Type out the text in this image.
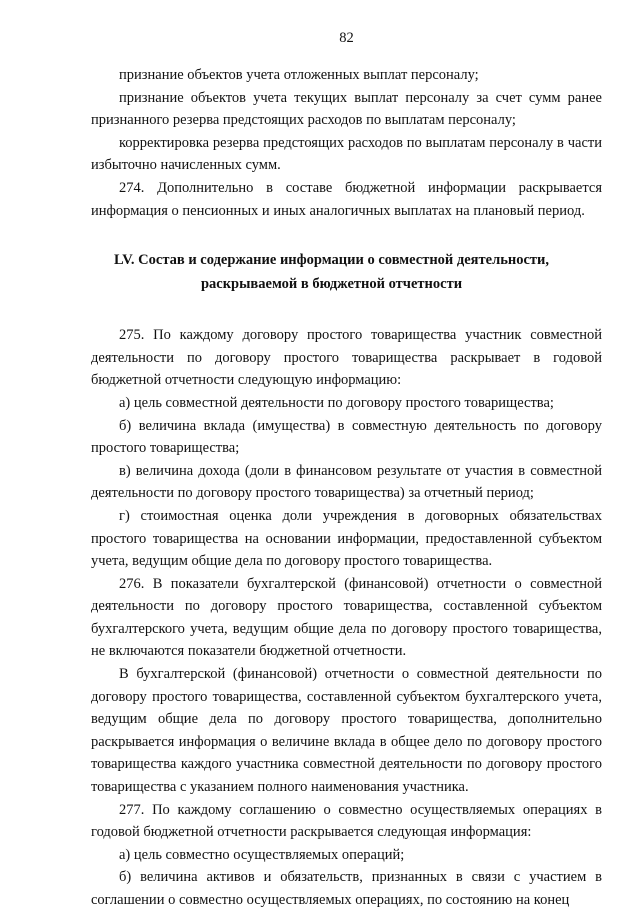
82

признание объектов учета отложенных выплат персоналу;

признание объектов учета текущих выплат персоналу за счет сумм ранее признанного резерва предстоящих расходов по выплатам персоналу;

корректировка резерва предстоящих расходов по выплатам персоналу в части избыточно начисленных сумм.

274. Дополнительно в составе бюджетной информации раскрывается информация о пенсионных и иных аналогичных выплатах на плановый период.

LV. Состав и содержание информации о совместной деятельности,
раскрываемой в бюджетной отчетности

275. По каждому договору простого товарищества участник совместной деятельности по договору простого товарищества раскрывает в годовой бюджетной отчетности следующую информацию:

а) цель совместной деятельности по договору простого товарищества;

б) величина вклада (имущества) в совместную деятельность по договору простого товарищества;

в) величина дохода (доли в финансовом результате от участия в совместной деятельности по договору простого товарищества) за отчетный период;

г) стоимостная оценка доли учреждения в договорных обязательствах простого товарищества на основании информации, предоставленной субъектом учета, ведущим общие дела по договору простого товарищества.

276. В показатели бухгалтерской (финансовой) отчетности о совместной деятельности по договору простого товарищества, составленной субъектом бухгалтерского учета, ведущим общие дела по договору простого товарищества, не включаются показатели бюджетной отчетности.

В бухгалтерской (финансовой) отчетности о совместной деятельности по договору простого товарищества, составленной субъектом бухгалтерского учета, ведущим общие дела по договору простого товарищества, дополнительно раскрывается информация о величине вклада в общее дело по договору простого товарищества каждого участника совместной деятельности по договору простого товарищества с указанием полного наименования участника.

277. По каждому соглашению о совместно осуществляемых операциях в годовой бюджетной отчетности раскрывается следующая информация:

а) цель совместно осуществляемых операций;

б) величина активов и обязательств, признанных в связи с участием в соглашении о совместно осуществляемых операциях, по состоянию на конец
